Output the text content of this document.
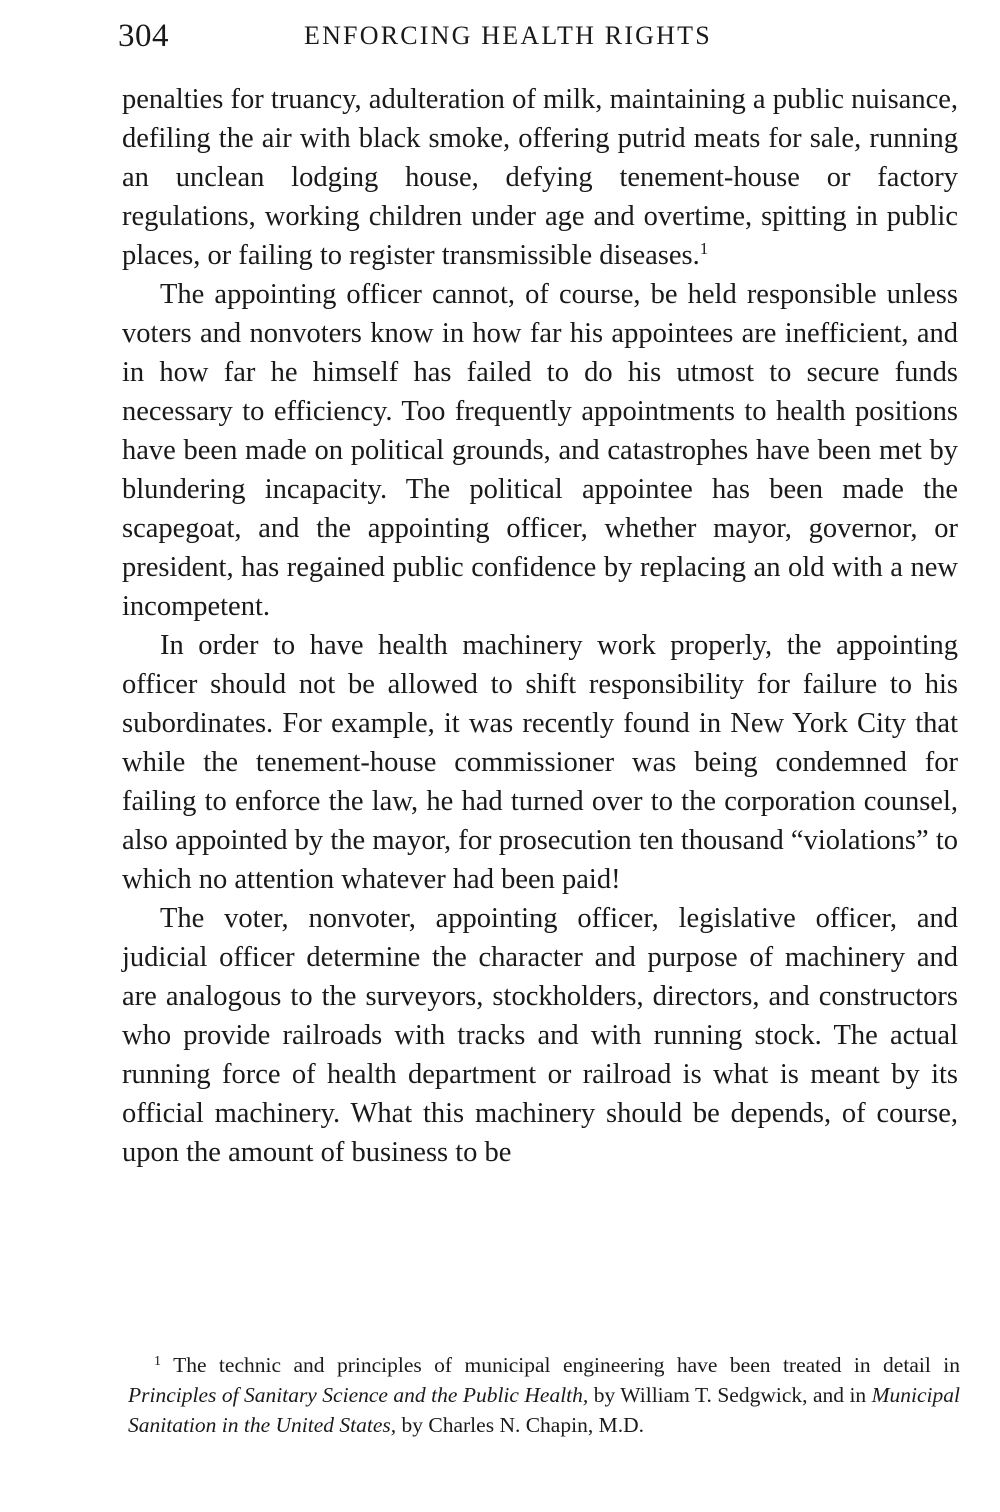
304	ENFORCING HEALTH RIGHTS

penalties for truancy, adulteration of milk, maintaining a public nuisance, defiling the air with black smoke, offering putrid meats for sale, running an unclean lodging house, defying tenement-house or factory regulations, working children under age and overtime, spitting in public places, or failing to register transmissible diseases.$^1$

The appointing officer cannot, of course, be held responsible unless voters and nonvoters know in how far his appointees are inefficient, and in how far he himself has failed to do his utmost to secure funds necessary to efficiency. Too frequently appointments to health positions have been made on political grounds, and catastrophes have been met by blundering incapacity. The political appointee has been made the scapegoat, and the appointing officer, whether mayor, governor, or president, has regained public confidence by replacing an old with a new incompetent.

In order to have health machinery work properly, the appointing officer should not be allowed to shift responsibility for failure to his subordinates. For example, it was recently found in New York City that while the tenement-house commissioner was being condemned for failing to enforce the law, he had turned over to the corporation counsel, also appointed by the mayor, for prosecution ten thousand “violations” to which no attention whatever had been paid!

The voter, nonvoter, appointing officer, legislative officer, and judicial officer determine the character and purpose of machinery and are analogous to the surveyors, stockholders, directors, and constructors who provide railroads with tracks and with running stock. The actual running force of health department or railroad is what is meant by its official machinery. What this machinery should be depends, of course, upon the amount of business to be

$^1$ The technic and principles of municipal engineering have been treated in detail in Principles of Sanitary Science and the Public Health, by William T. Sedgwick, and in Municipal Sanitation in the United States, by Charles N. Chapin, M.D.
